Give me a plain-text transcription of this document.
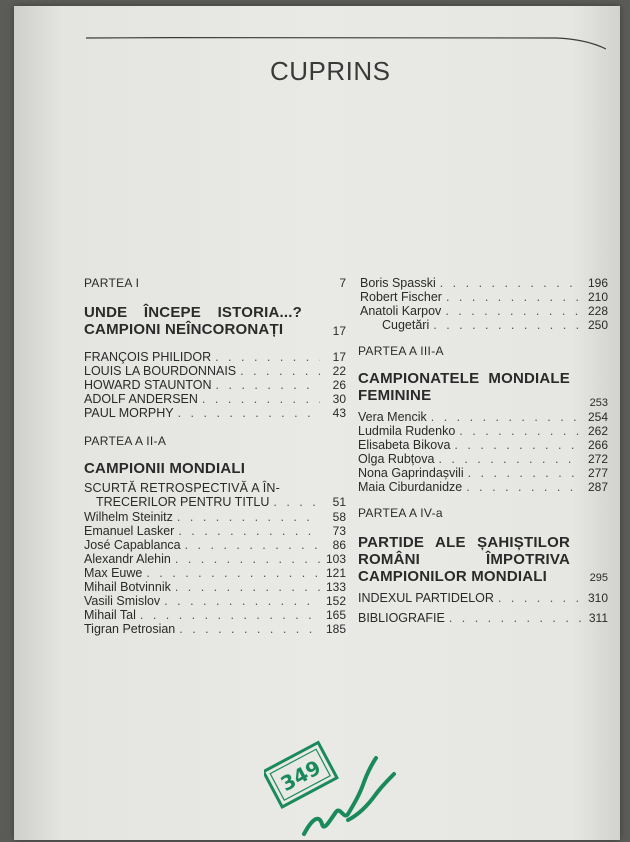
CUPRINS
PARTEA I	7
UNDE ÎNCEPE ISTORIA...? CAMPIONI NEÎNCORONAȚI	17
FRANÇOIS PHILIDOR . . .	17
LOUIS LA BOURDONNAIS . . .	22
HOWARD STAUNTON . . .	26
ADOLF ANDERSEN . . .	30
PAUL MORPHY . . .	43
PARTEA A II-A
CAMPIONII MONDIALI
SCURTĂ RETROSPECTIVĂ A ÎN-
TRECERILOR PENTRU TITLU . . .	51
Wilhelm Steinitz . . .	58
Emanuel Lasker . . .	73
José Capablanca . . .	86
Alexandr Alehin . . .	103
Max Euwe . . .	121
Mihail Botvinnik . . .	133
Vasili Smislov . . .	152
Mihail Tal . . .	165
Tigran Petrosian . . .	185
Boris Spasski . . .	196
Robert Fischer . . .	210
Anatoli Karpov . . .	228
Cugetări . . .	250
PARTEA A III-A
CAMPIONATELE MONDIALE FEMININE	253
Vera Mencik . . .	254
Ludmila Rudenko . . .	262
Elisabeta Bikova . . .	266
Olga Rubțova . . .	272
Nona Gaprindașvili . . .	277
Maia Ciburdanidze . . .	287
PARTEA A IV-a
PARTIDE ALE ȘAHIȘTILOR ROMÂNI ÎMPOTRIVA CAMPIONILOR MONDIALI	295
INDEXUL PARTIDELOR . . .	310
BIBLIOGRAFIE . . .	311
349
